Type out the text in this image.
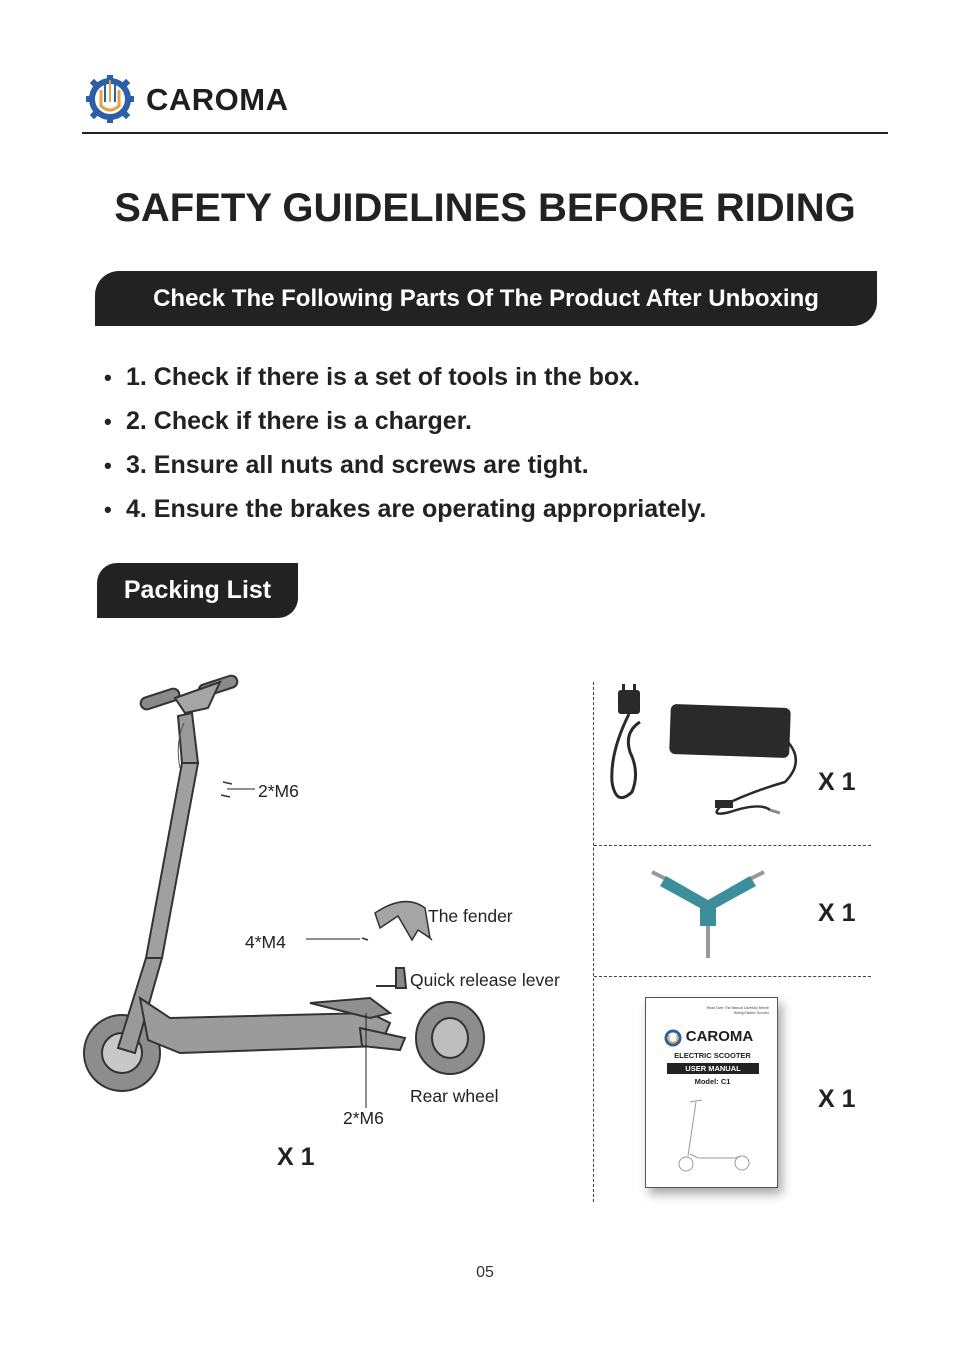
CAROMA
SAFETY GUIDELINES BEFORE RIDING
Check The Following Parts Of The Product After Unboxing
• 1. Check if there is a set of tools in the box.
• 2. Check if there is a charger.
• 3. Ensure all nuts and screws are tight.
• 4. Ensure the brakes are operating appropriately.
Packing List
2*M6
4*M4
The fender
Quick release lever
Rear wheel
2*M6
X 1
X 1
X 1
Read Over The Manual Carefully Before Riding Electric Scooter
CAROMA
ELECTRIC SCOOTER
USER MANUAL
Model: C1
X 1
05
